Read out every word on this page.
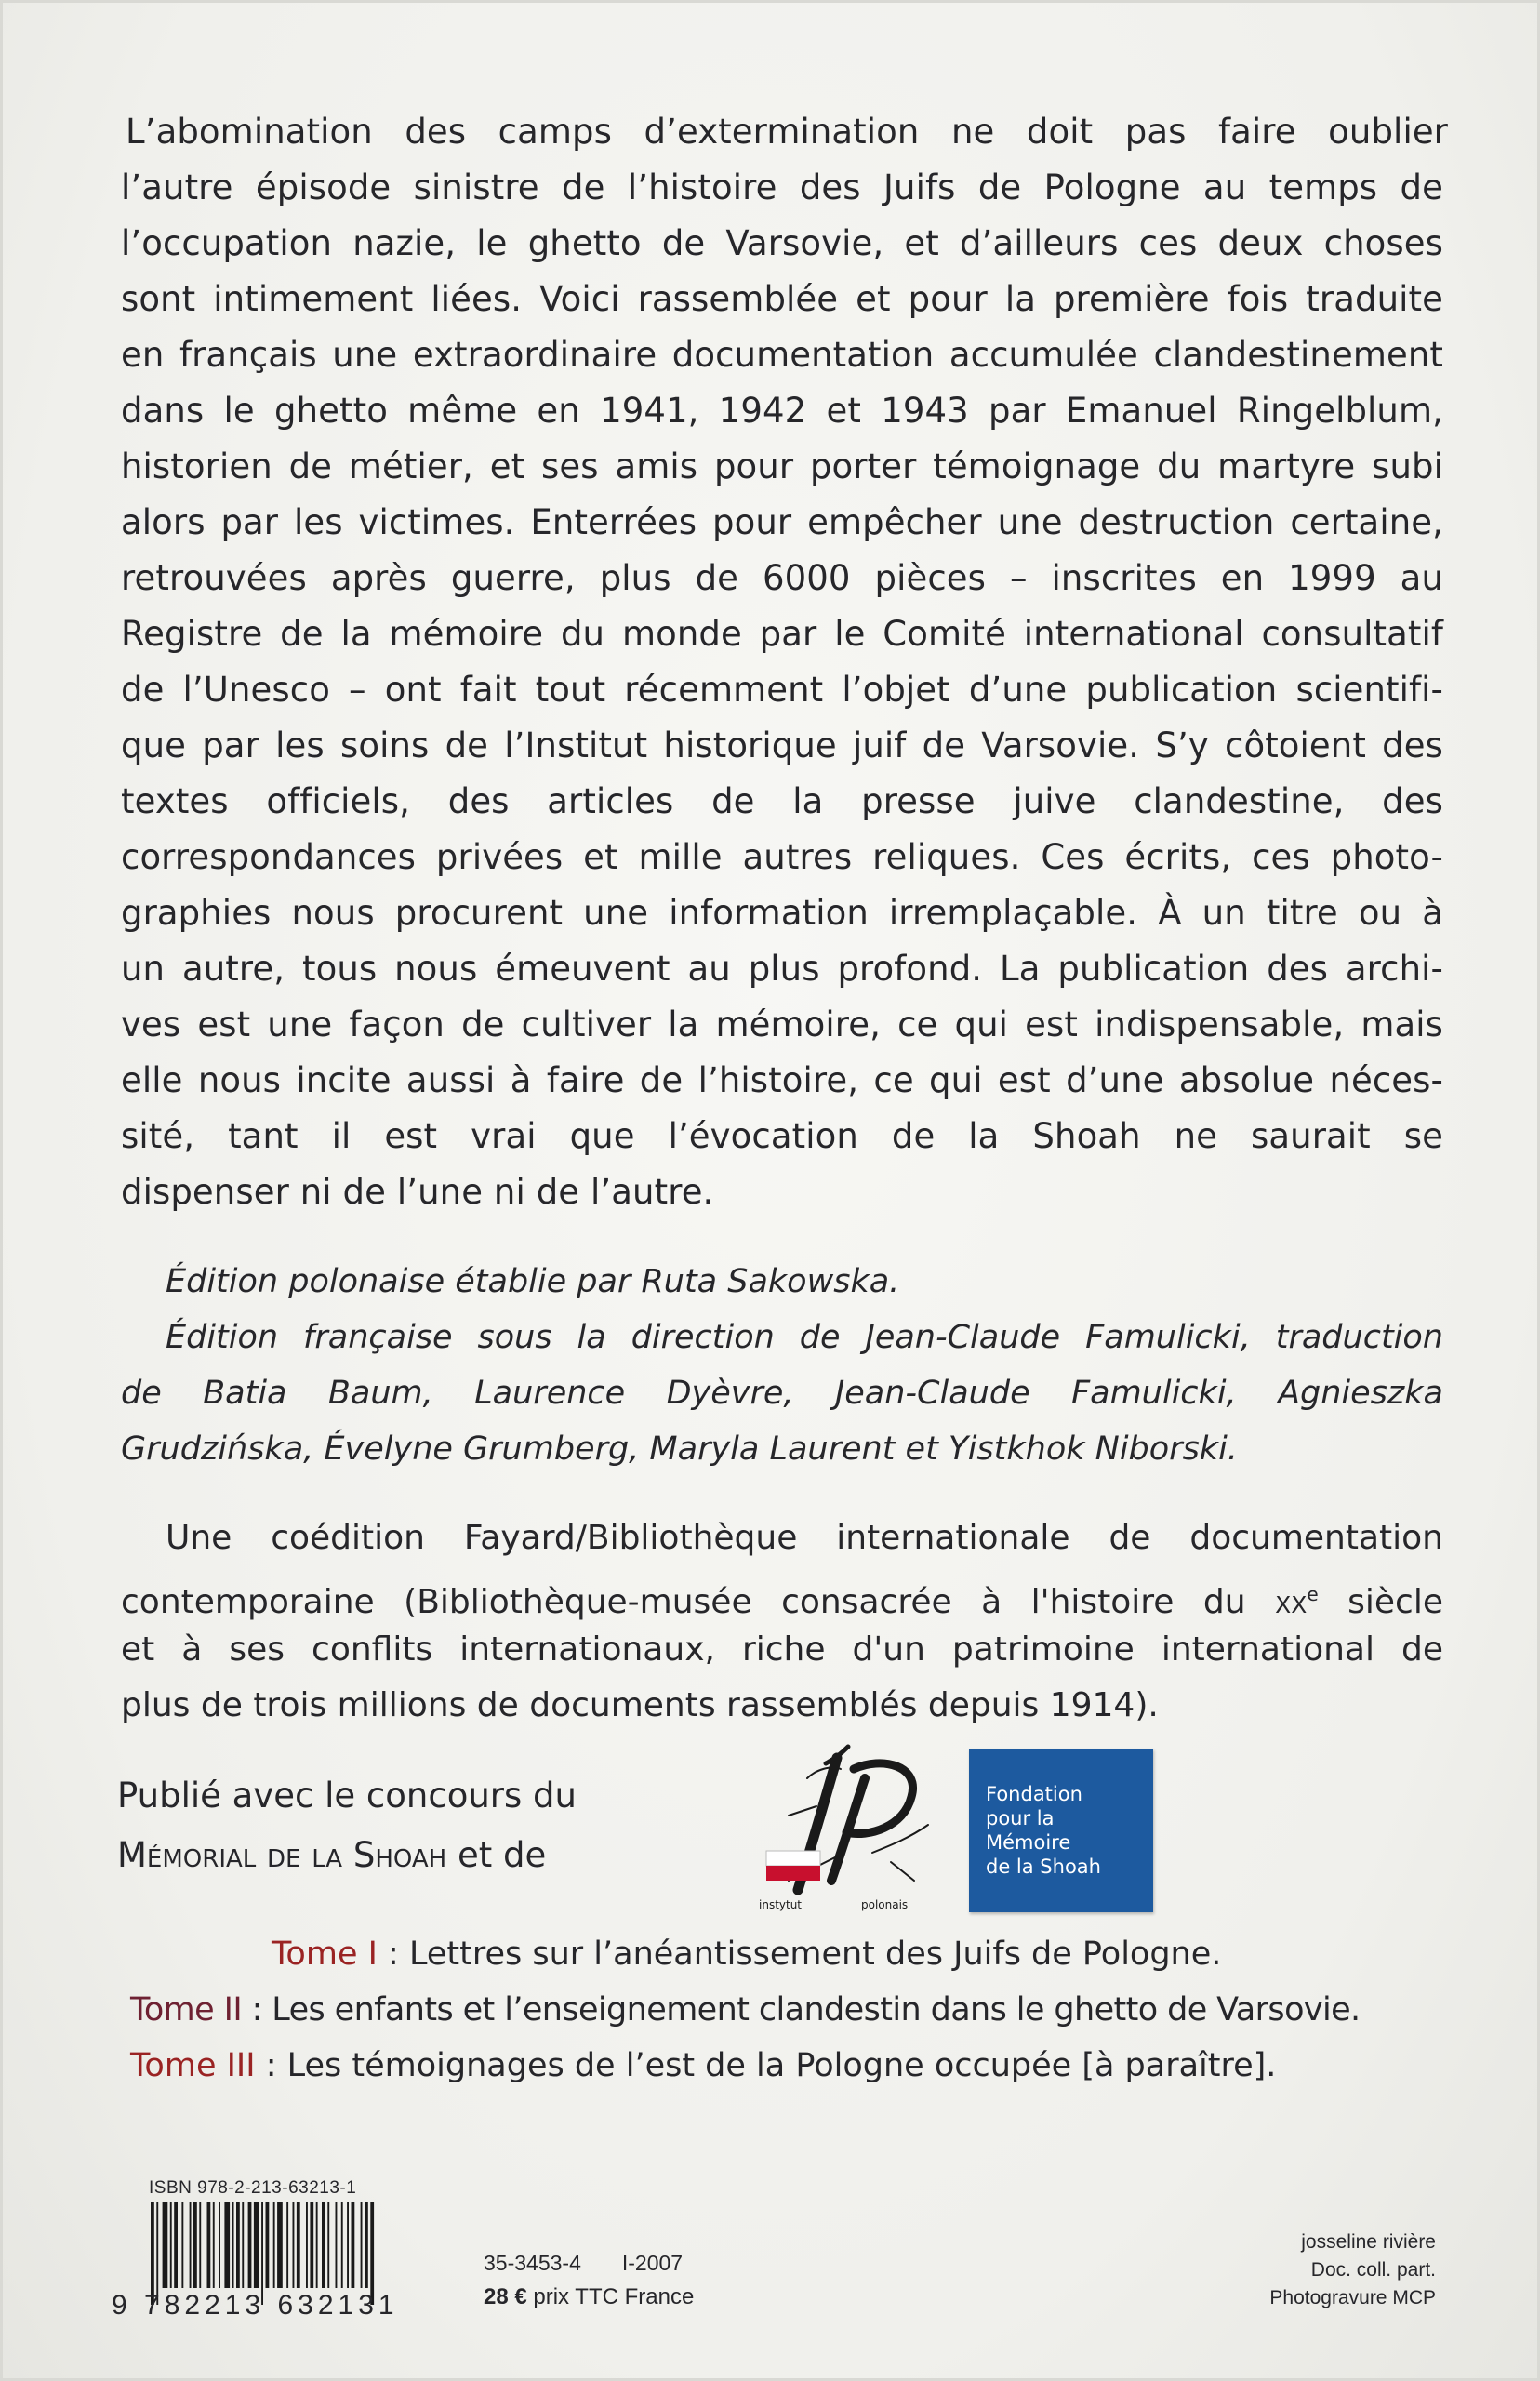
L’abomination des camps d’extermination ne doit pas faire oublier

l’autre épisode sinistre de l’histoire des Juifs de Pologne au temps de

l’occupation nazie, le ghetto de Varsovie, et d’ailleurs ces deux choses

sont intimement liées. Voici rassemblée et pour la première fois traduite

en français une extraordinaire documentation accumulée clandestinement

dans le ghetto même en 1941, 1942 et 1943 par Emanuel Ringelblum,

historien de métier, et ses amis pour porter témoignage du martyre subi

alors par les victimes. Enterrées pour empêcher une destruction certaine,

retrouvées après guerre, plus de 6000 pièces – inscrites en 1999 au

Registre de la mémoire du monde par le Comité international consultatif

de l’Unesco – ont fait tout récemment l’objet d’une publication scientifi-

que par les soins de l’Institut historique juif de Varsovie. S’y côtoient des

textes officiels, des articles de la presse juive clandestine, des

correspondances privées et mille autres reliques. Ces écrits, ces photo-

graphies nous procurent une information irremplaçable. À un titre ou à

un autre, tous nous émeuvent au plus profond. La publication des archi-

ves est une façon de cultiver la mémoire, ce qui est indispensable, mais

elle nous incite aussi à faire de l’histoire, ce qui est d’une absolue néces-

sité, tant il est vrai que l’évocation de la Shoah ne saurait se

dispenser ni de l’une ni de l’autre.

Édition polonaise établie par Ruta Sakowska.

Édition française sous la direction de Jean-Claude Famulicki, traduction

de Batia Baum, Laurence Dyèvre, Jean-Claude Famulicki, Agnieszka

Grudzińska, Évelyne Grumberg, Maryla Laurent et Yistkhok Niborski.

Une coédition Fayard/Bibliothèque internationale de documentation

contemporaine (Bibliothèque-musée consacrée à l'histoire du $xx^e$ siècle

et à ses conflits internationaux, riche d'un patrimoine international de

plus de trois millions de documents rassemblés depuis 1914).

Publié avec le concours du

Mémorial de la Shoah et de

instytut	polonais
Fondation
pour la
Mémoire
de la Shoah
Tome I : Lettres sur l’anéantissement des Juifs de Pologne.
Tome II : Les enfants et l’enseignement clandestin dans le ghetto de Varsovie.
Tome III : Les témoignages de l’est de la Pologne occupée [à paraître].
ISBN 978-2-213-63213-1
9 782213 632131
35-3453-4 I-2007
28 € prix TTC France
josseline rivière
Doc. coll. part.
Photogravure MCP
